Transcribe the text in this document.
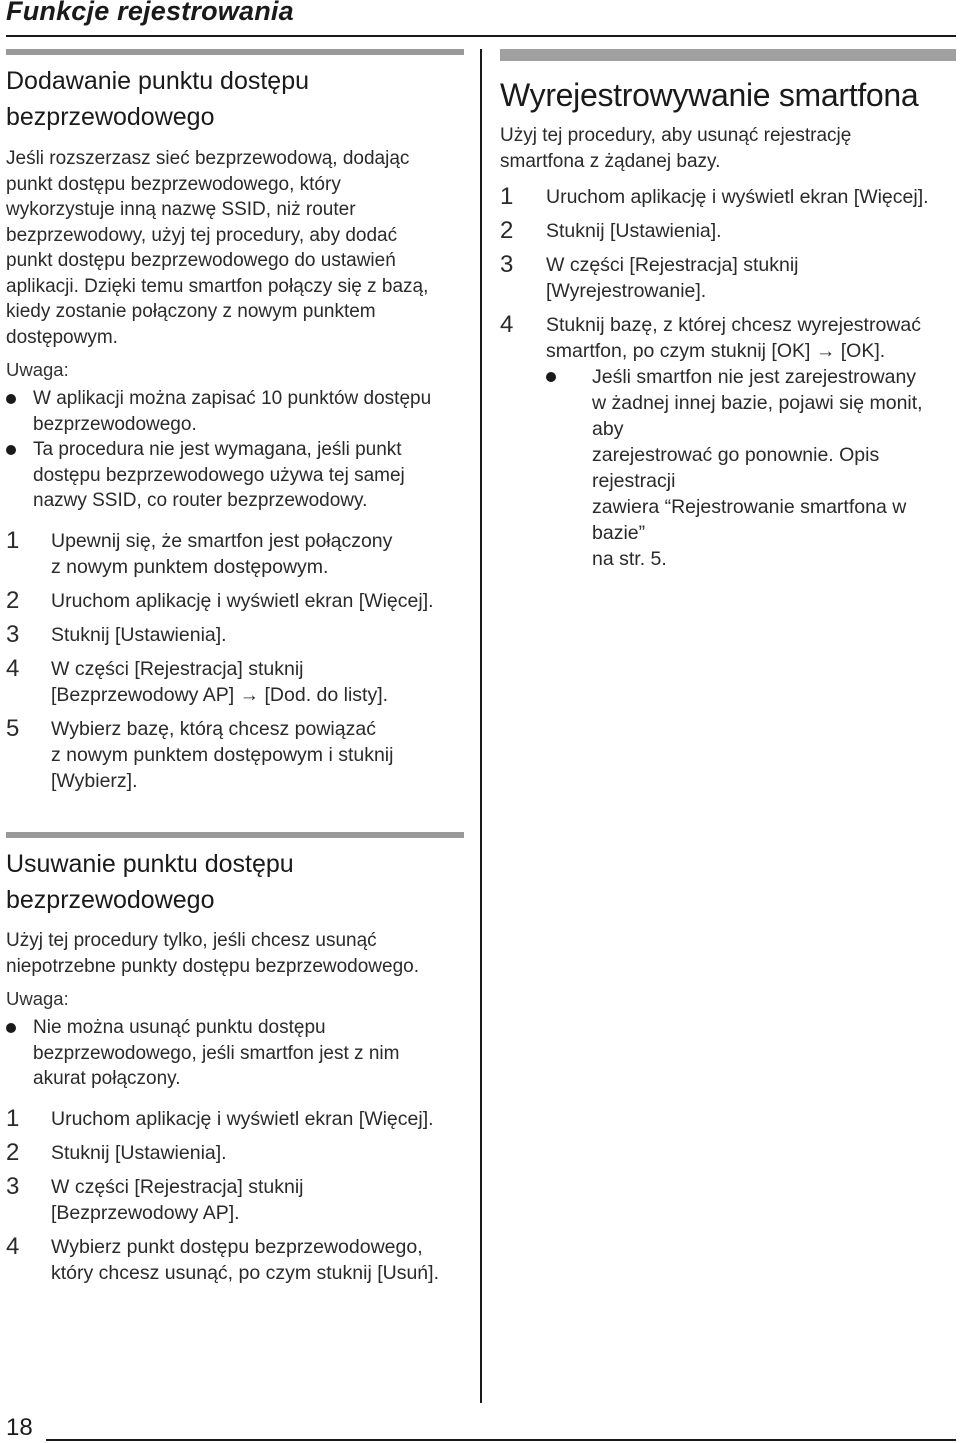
Funkcje rejestrowania
Dodawanie punktu dostępu
bezprzewodowego

Jeśli rozszerzasz sieć bezprzewodową, dodając
punkt dostępu bezprzewodowego, który
wykorzystuje inną nazwę SSID, niż router
bezprzewodowy, użyj tej procedury, aby dodać
punkt dostępu bezprzewodowego do ustawień
aplikacji. Dzięki temu smartfon połączy się z bazą,
kiedy zostanie połączony z nowym punktem
dostępowym.

Uwaga:
W aplikacji można zapisać 10 punktów dostępu
bezprzewodowego.
Ta procedura nie jest wymagana, jeśli punkt
dostępu bezprzewodowego używa tej samej
nazwy SSID, co router bezprzewodowy.
1 Upewnij się, że smartfon jest połączony
z nowym punktem dostępowym.
2 Uruchom aplikację i wyświetl ekran [Więcej].
3 Stuknij [Ustawienia].
4 W części [Rejestracja] stuknij
[Bezprzewodowy AP] → [Dod. do listy].
5 Wybierz bazę, którą chcesz powiązać
z nowym punktem dostępowym i stuknij
[Wybierz].
Usuwanie punktu dostępu
bezprzewodowego

Użyj tej procedury tylko, jeśli chcesz usunąć
niepotrzebne punkty dostępu bezprzewodowego.

Uwaga:
Nie można usunąć punktu dostępu
bezprzewodowego, jeśli smartfon jest z nim
akurat połączony.
1 Uruchom aplikację i wyświetl ekran [Więcej].
2 Stuknij [Ustawienia].
3 W części [Rejestracja] stuknij
[Bezprzewodowy AP].
4 Wybierz punkt dostępu bezprzewodowego,
który chcesz usunąć, po czym stuknij [Usuń].
Wyrejestrowywanie smartfona

Użyj tej procedury, aby usunąć rejestrację
smartfona z żądanej bazy.

1 Uruchom aplikację i wyświetl ekran [Więcej].
2 Stuknij [Ustawienia].
3 W części [Rejestracja] stuknij
[Wyrejestrowanie].
4 Stuknij bazę, z której chcesz wyrejestrować
smartfon, po czym stuknij [OK] → [OK].
Jeśli smartfon nie jest zarejestrowany
w żadnej innej bazie, pojawi się monit, aby
zarejestrować go ponownie. Opis rejestracji
zawiera “Rejestrowanie smartfona w bazie”
na str. 5.
18
